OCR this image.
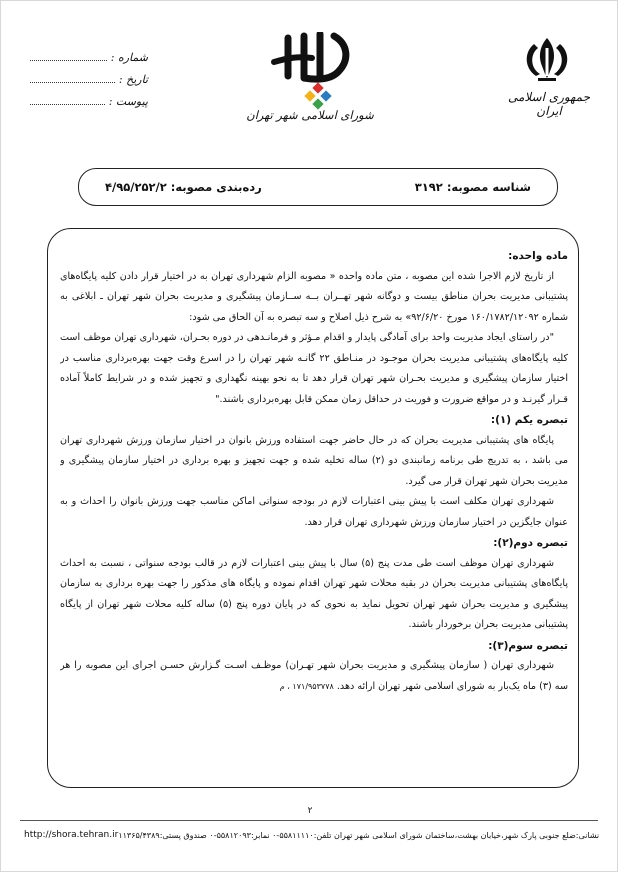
جمهوری اسلامی ایران
شورای اسلامی شهر تهران
شماره :
تاریخ :
پیوست :
شناسه مصوبه: ۳۱۹۲
رده‌بندی مصوبه: ۴/۹۵/۲۵۲/۲

ماده واحده:

از تاریخ لازم الاجرا شده این مصوبه ، متن ماده واحده « مصوبه الزام شهرداری تهران به در اختیار قرار دادن کلیه پایگاه‌های پشتیبانی مدیریت بحران مناطق بیست و دوگانه شهر تهــران بــه ســازمان پیشگیری و مدیریت بحران شهر تهران ـ ابلاغی به شماره ۱۶۰/۱۷۸۲/۱۲۰۹۲ مورخ ۹۲/۶/۲۰» به شرح ذیل اصلاح و سه تبصره به آن الحاق می شود:

"در راستای ایجاد مدیریت واحد برای آمادگی پایدار و اقدام مـؤثر و فرمانـدهی در دوره بحـران، شهرداری تهران موظف است کلیه پایگاه‌های پشتیبانی مدیریت بحران موجـود در منـاطق ۲۲ گانـه شهر تهران را در اسرع وقت جهت بهره‌برداری مناسب در اختیار سازمان پیشگیری و مدیریت بحـران شهر تهران قرار دهد تا به نحو بهینه نگهداری و تجهیز شده و در شرایط کاملاً آماده قـرار گیرنـد و در مواقع ضرورت و فوریت در حداقل زمان ممکن قابل بهره‌برداری باشند."

تبصره یکم (۱):

پایگاه های پشتیبانی مدیریت بحران که در حال حاضر جهت استفاده ورزش بانوان در اختیار سازمان ورزش شهرداری تهران می باشد ، به تدریج طی برنامه زمانبندی دو (۲) ساله تخلیه شده و جهت تجهیز و بهره برداری در اختیار سازمان پیشگیری و مدیریت بحران شهر تهران قرار می گیرد.

شهرداری تهران مکلف است با پیش بینی اعتبارات لازم در بودجه سنواتی اماکن مناسب جهت ورزش بانوان را احداث و به عنوان جایگزین در اختیار سازمان ورزش شهرداری تهران قرار دهد.

تبصره دوم(۲):

شهرداری تهران موظف است طی مدت پنج (۵) سال با پیش بینی اعتبارات لازم در قالب بودجه سنواتی ، نسبت به احداث پایگاه‌های پشتیبانی مدیریت بحران در بقیه محلات شهر تهران اقدام نموده و پایگاه های مذکور را جهت بهره برداری به سازمان پیشگیری و مدیریت بحران شهر تهران تحویل نماید به نحوی که در پایان دوره پنج (۵) ساله کلیه محلات شهر تهران از پایگاه پشتیبانی مدیریت بحران برخوردار باشند.

تبصره سوم(۳):

شهرداری تهران ( سازمان پیشگیری و مدیریت بحران شهر تهـران) موظـف اسـت گـزارش حسـن اجرای این مصوبه را هر سه (۳) ماه یک‌بار به شورای اسلامی شهر تهران ارائه دهد. ۱۷۱/۹۵۳۷۷۸ ، م

۲
http://shora.tehran.ir نشانی:ضلع جنوبی پارک شهر،خیابان بهشت،ساختمان شورای اسلامی شهر تهران تلفن:۵۵۸۱۱۱۱۰-۰ نمابر:۵۵۸۱۲۰۹۳-۰ صندوق پستی:۱۱۳۶۵/۴۳۸۹
